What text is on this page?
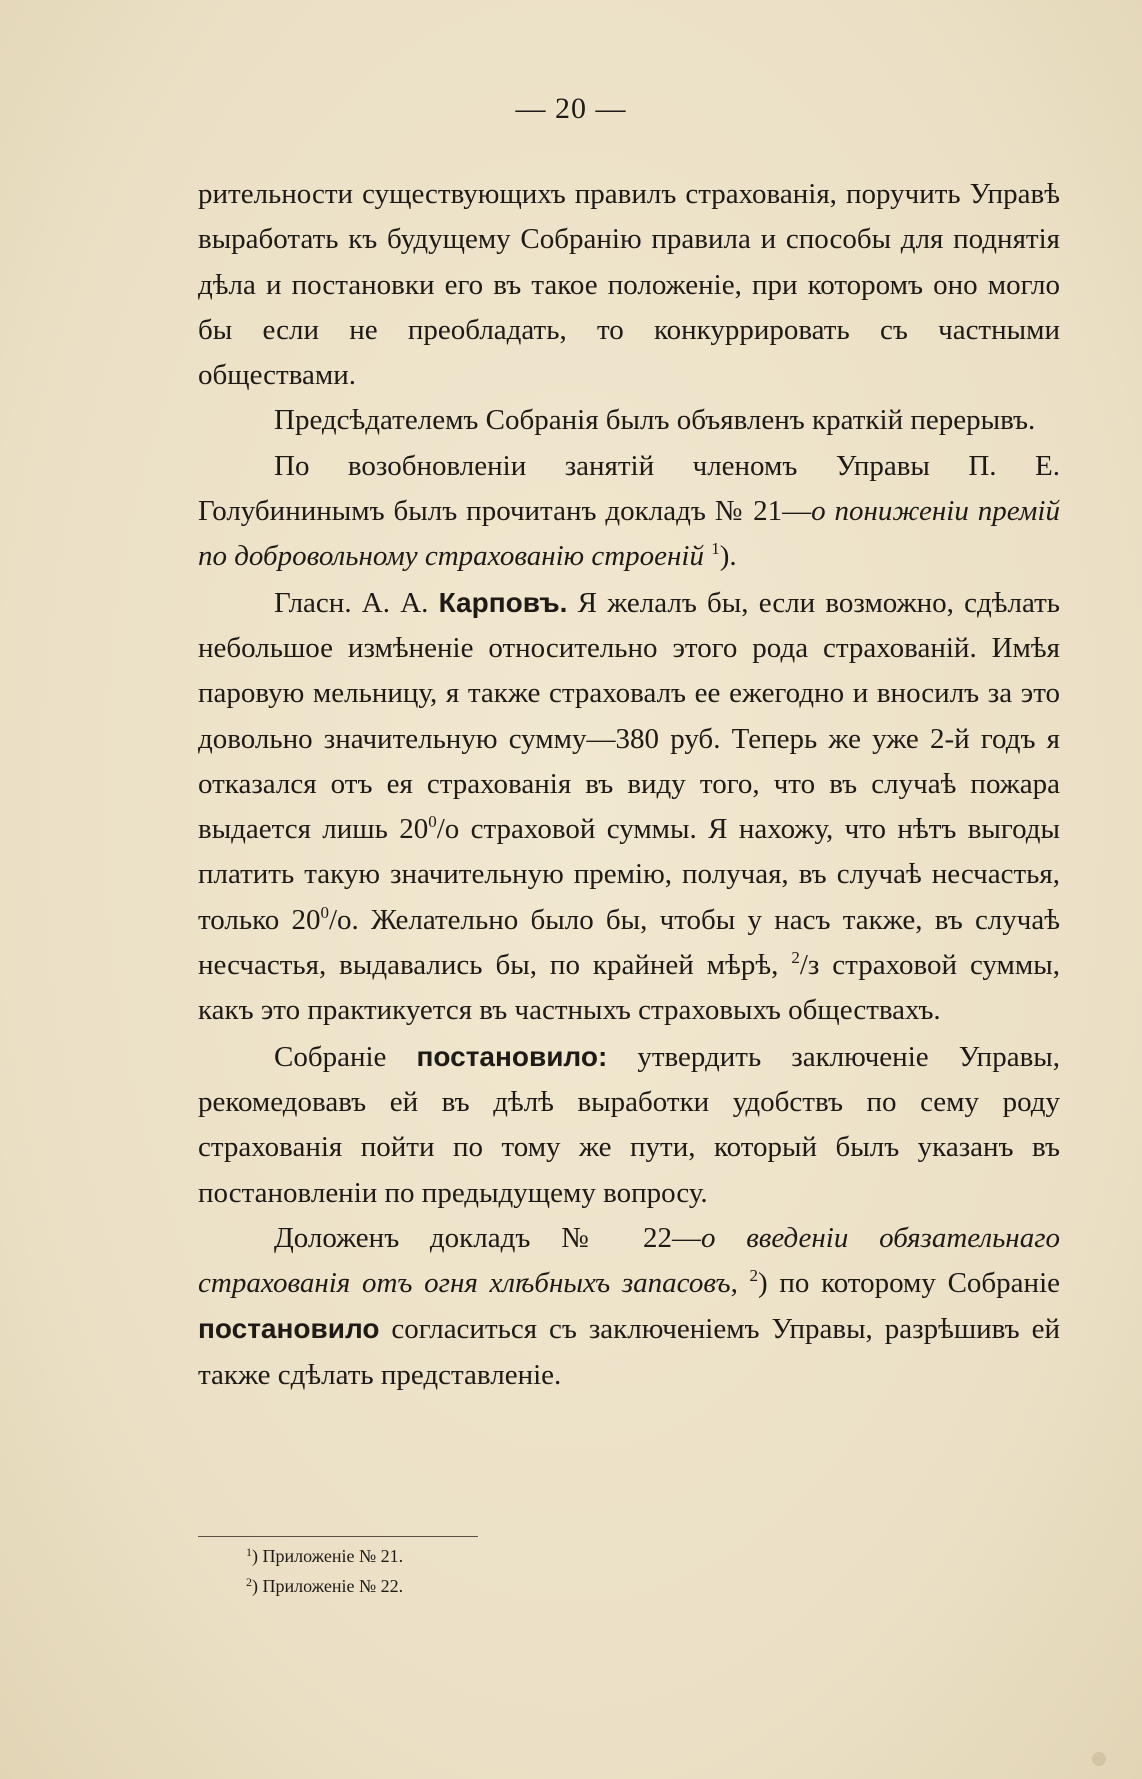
— 20 —

рительности существующихъ правилъ страхованія, поручить Управѣ выработать къ будущему Собранію правила и способы для поднятія дѣла и постановки его въ такое положеніе, при которомъ оно могло бы если не преобладать, то конкуррировать съ частными обществами.

Предсѣдателемъ Собранія былъ объявленъ краткій перерывъ.

По возобновленіи занятій членомъ Управы П. Е. Голубининымъ былъ прочитанъ докладъ № 21—о пониженіи премій по добровольному страхованію строеній $^1$).

Гласн. А. А. Карповъ. Я желалъ бы, если возможно, сдѣлать небольшое измѣненіе относительно этого рода страхованій. Имѣя паровую мельницу, я также страховалъ ее ежегодно и вносилъ за это довольно значительную сумму—380 руб. Теперь же уже 2-й годъ я отказался отъ ея страхованія въ виду того, что въ случаѣ пожара выдается лишь $20^0/о$ страховой суммы. Я нахожу, что нѣтъ выгоды платить такую значительную премію, получая, въ случаѣ несчастья, только $20^0/о$. Желательно было бы, чтобы у насъ также, въ случаѣ несчастья, выдавались бы, по крайней мѣрѣ, $^2$/з страховой суммы, какъ это практикуется въ частныхъ страховыхъ обществахъ.

Собраніе постановило: утвердить заключеніе Управы, рекомедовавъ ей въ дѣлѣ выработки удобствъ по сему роду страхованія пойти по тому же пути, который былъ указанъ въ постановленіи по предыдущему вопросу.

Доложенъ докладъ № 22—о введеніи обязательнаго страхованія отъ огня хлѣбныхъ запасовъ, $^2$) по которому Собраніе постановило согласиться съ заключеніемъ Управы, разрѣшивъ ей также сдѣлать представленіе.

$^1$) Приложеніе № 21.

$^2$) Приложеніе № 22.
